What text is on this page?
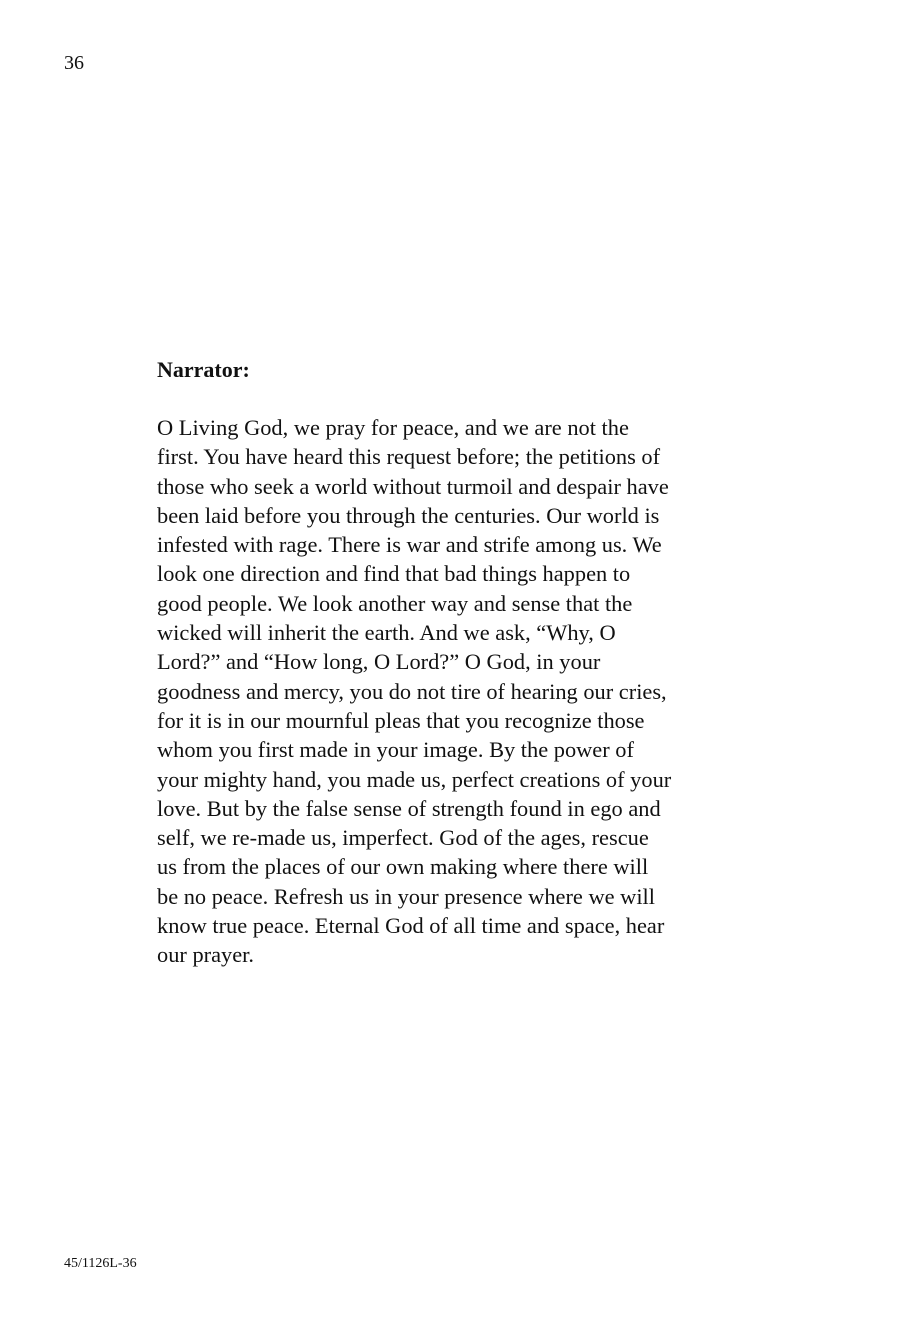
36

Narrator:

O Living God, we pray for peace, and we are not the
first. You have heard this request before; the petitions of
those who seek a world without turmoil and despair have
been laid before you through the centuries. Our world is
infested with rage. There is war and strife among us. We
look one direction and find that bad things happen to
good people. We look another way and sense that the
wicked will inherit the earth. And we ask, “Why, O
Lord?” and “How long, O Lord?” O God, in your
goodness and mercy, you do not tire of hearing our cries,
for it is in our mournful pleas that you recognize those
whom you first made in your image. By the power of
your mighty hand, you made us, perfect creations of your
love. But by the false sense of strength found in ego and
self, we re-made us, imperfect. God of the ages, rescue
us from the places of our own making where there will
be no peace. Refresh us in your presence where we will
know true peace. Eternal God of all time and space, hear
our prayer.

45/1126L-36
